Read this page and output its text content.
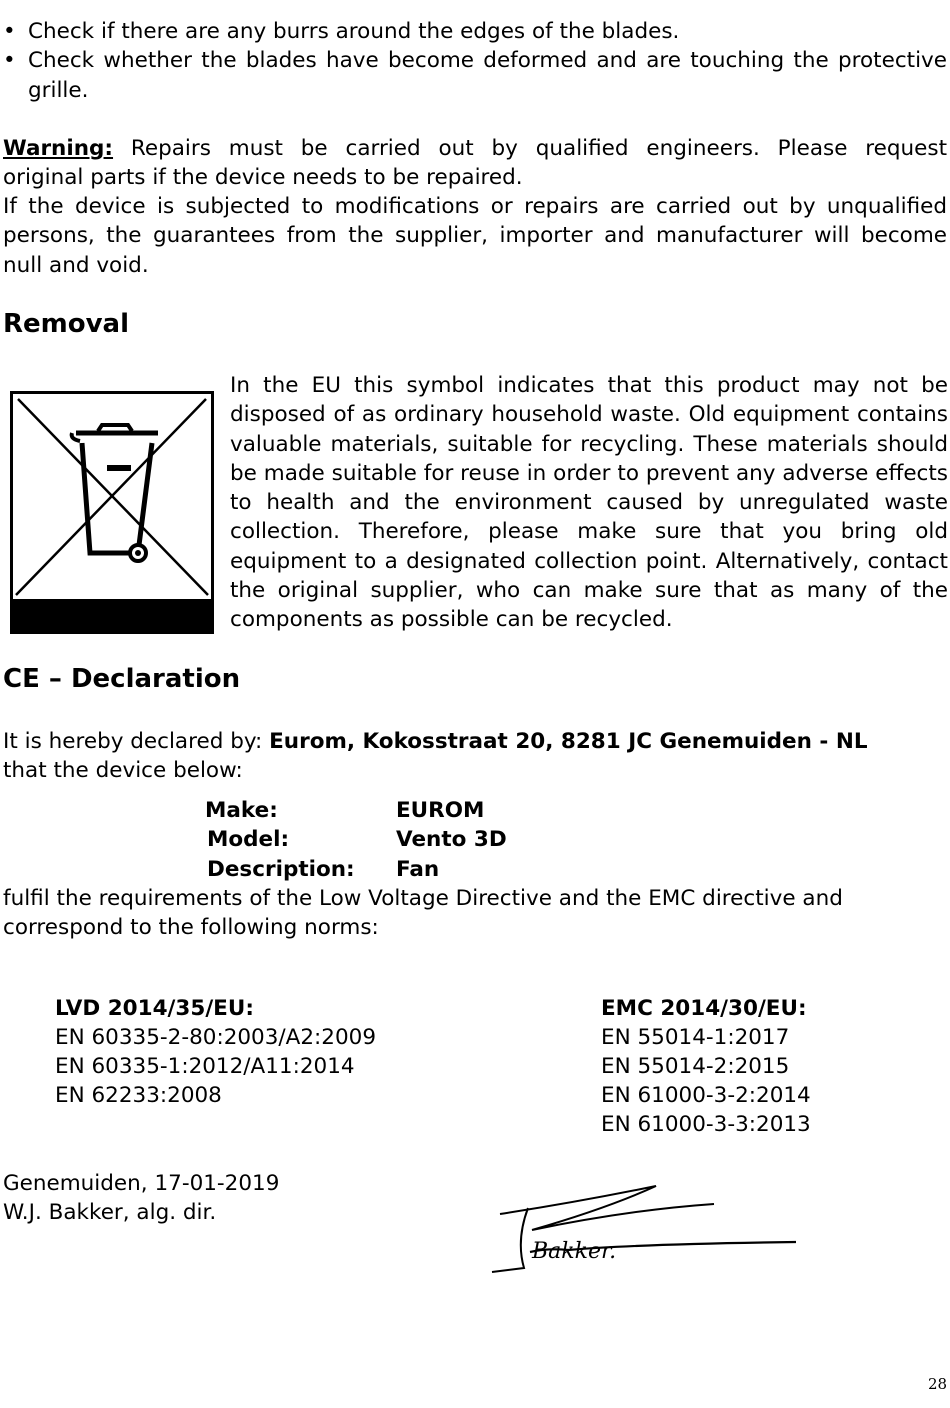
• Check if there are any burrs around the edges of the blades.
• Check whether the blades have become deformed and are touching the protective grille.
Warning: Repairs must be carried out by qualified engineers. Please request
original parts if the device needs to be repaired.
If the device is subjected to modifications or repairs are carried out by unqualified
persons, the guarantees from the supplier, importer and manufacturer will become
null and void.
Removal
In the EU this symbol indicates that this product may not be disposed of as ordinary household waste. Old equipment contains valuable materials, suitable for recycling. These materials should be made suitable for reuse in order to prevent any adverse effects to health and the environment caused by unregulated waste collection. Therefore, please make sure that you bring old equipment to a designated collection point. Alternatively, contact the original supplier, who can make sure that as many of the components as possible can be recycled.
CE – Declaration
It is hereby declared by: Eurom, Kokosstraat 20, 8281 JC Genemuiden - NL
that the device below:
Make:	EUROM
Model:	Vento 3D
Description: Fan
fulfil the requirements of the Low Voltage Directive and the EMC directive and
correspond to the following norms:
LVD 2014/35/EU:
EN 60335-2-80:2003/A2:2009
EN 60335-1:2012/A11:2014
EN 62233:2008
EMC 2014/30/EU:
EN 55014-1:2017
EN 55014-2:2015
EN 61000-3-2:2014
EN 61000-3-3:2013
Genemuiden, 17-01-2019
W.J. Bakker, alg. dir.
Bakker.
28
